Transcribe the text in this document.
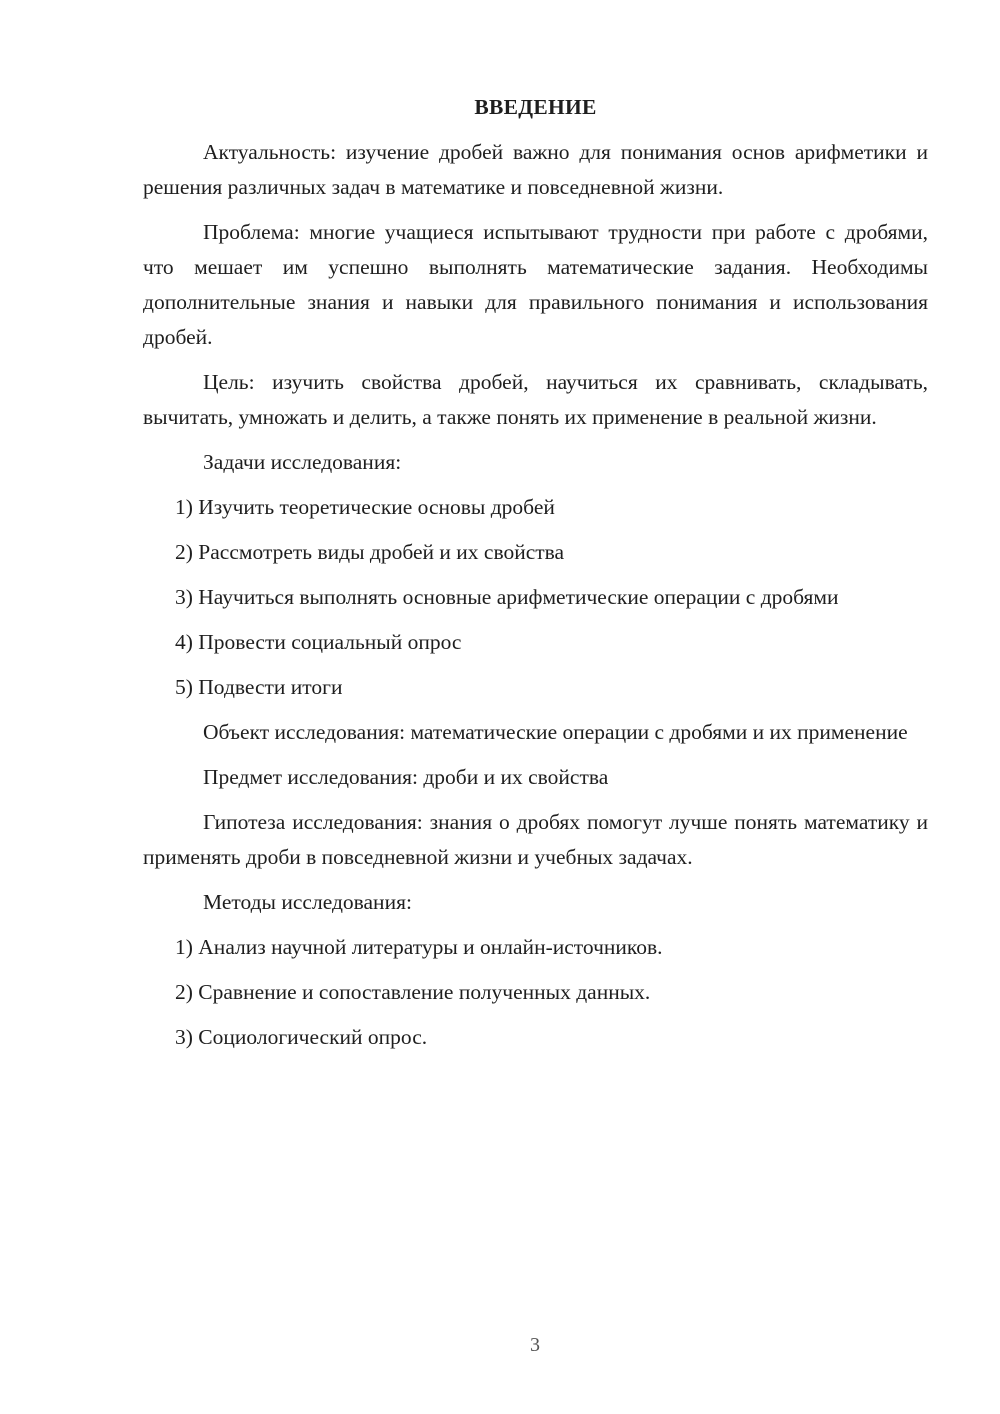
ВВЕДЕНИЕ

Актуальность: изучение дробей важно для понимания основ арифметики и решения различных задач в математике и повседневной жизни.

Проблема: многие учащиеся испытывают трудности при работе с дробями, что мешает им успешно выполнять математические задания. Необходимы дополнительные знания и навыки для правильного понимания и использования дробей.

Цель: изучить свойства дробей, научиться их сравнивать, складывать, вычитать, умножать и делить, а также понять их применение в реальной жизни.

Задачи исследования:

1) Изучить теоретические основы дробей

2) Рассмотреть виды дробей и их свойства

3) Научиться выполнять основные арифметические операции с дробями

4) Провести социальный опрос

5) Подвести итоги

Объект исследования: математические операции с дробями и их применение

Предмет исследования: дроби и их свойства

Гипотеза исследования: знания о дробях помогут лучше понять математику и применять дроби в повседневной жизни и учебных задачах.

Методы исследования:

1) Анализ научной литературы и онлайн-источников.

2) Сравнение и сопоставление полученных данных.

3) Социологический опрос.

3
